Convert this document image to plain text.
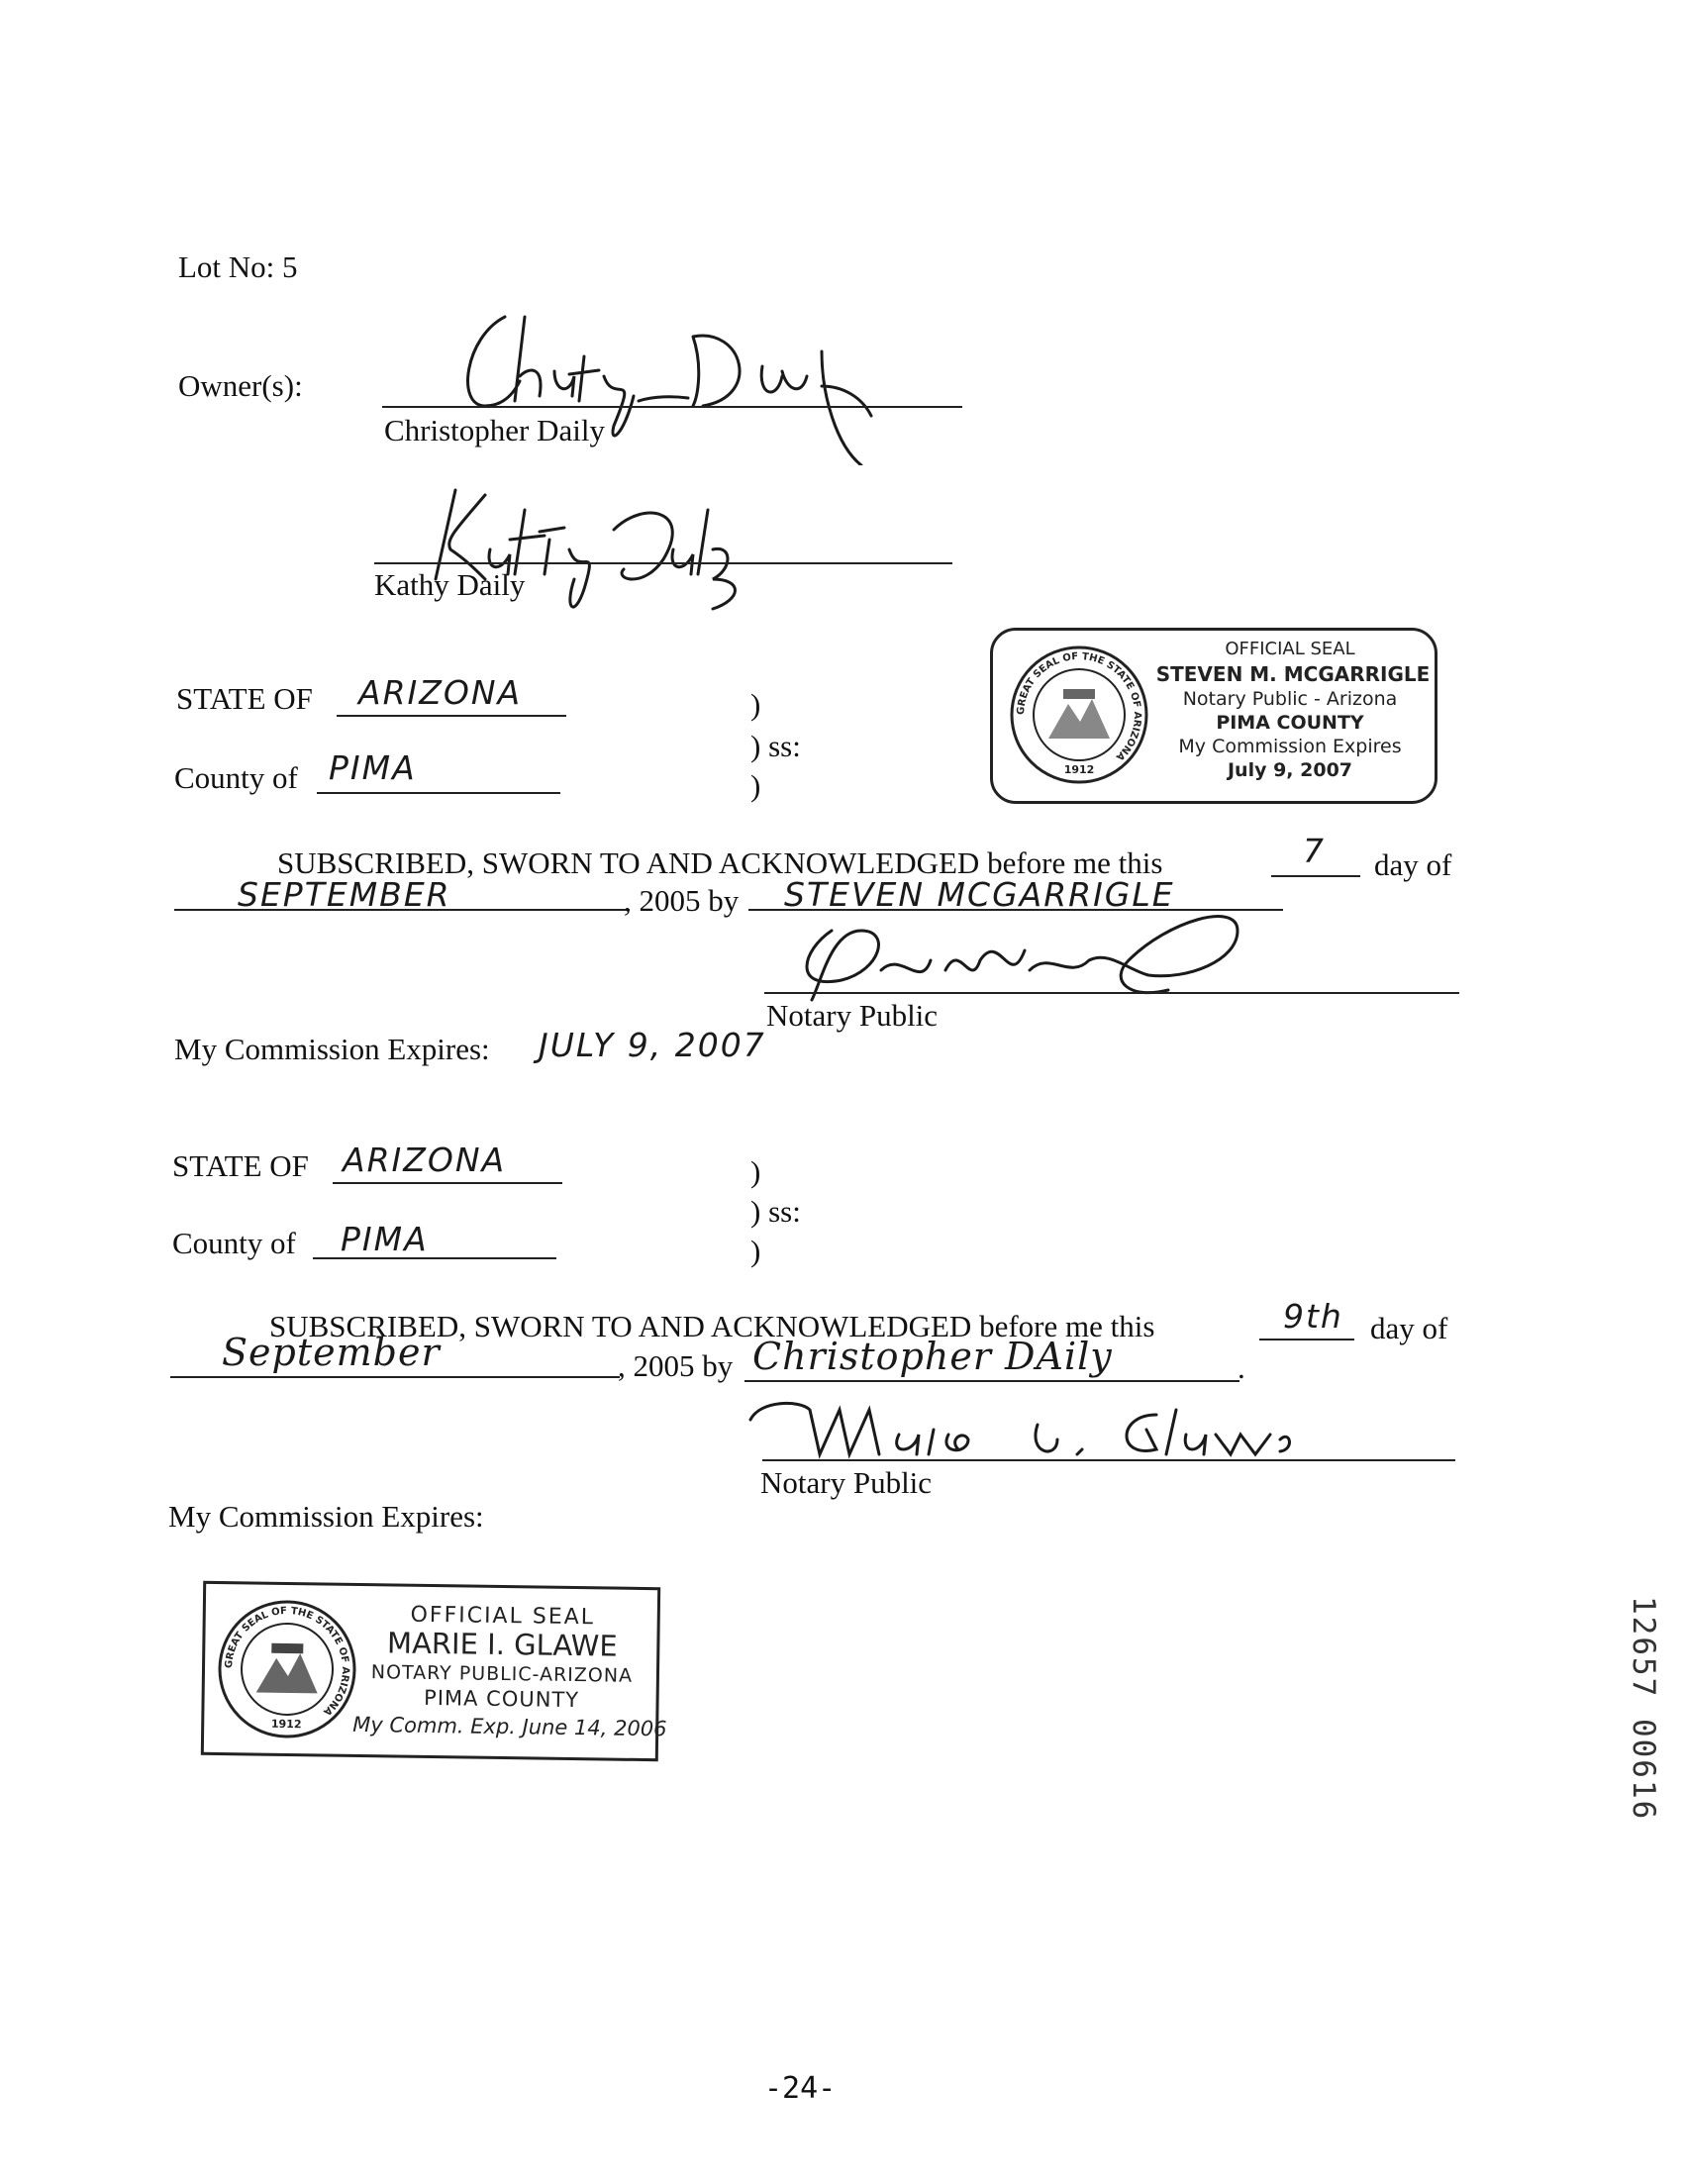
Lot No: 5
Owner(s):
Christopher Daily
Kathy Daily
GREAT SEAL OF THE STATE OF ARIZONA
1912
OFFICIAL SEAL
STEVEN M. MCGARRIGLE
Notary Public - Arizona
PIMA COUNTY
My Commission Expires
July 9, 2007
STATE OF ARIZONA	)
) ss:
)
County of PIMA
SUBSCRIBED, SWORN TO AND ACKNOWLEDGED before me this	7 day of
SEPTEMBER	, 2005 by STEVEN MCGARRIGLE
Notary Public
My Commission Expires: JULY 9, 2007
STATE OF ARIZONA	)
) ss:
)
County of PIMA
SUBSCRIBED, SWORN TO AND ACKNOWLEDGED before me this	9th day of
September	, 2005 by Christopher DAily	.
Notary Public
My Commission Expires:
GREAT SEAL OF THE STATE OF ARIZONA
1912
OFFICIAL SEAL
MARIE I. GLAWE
NOTARY PUBLIC-ARIZONA
PIMA COUNTY
My Comm. Exp. June 14, 2006	12657 00616
-24-
